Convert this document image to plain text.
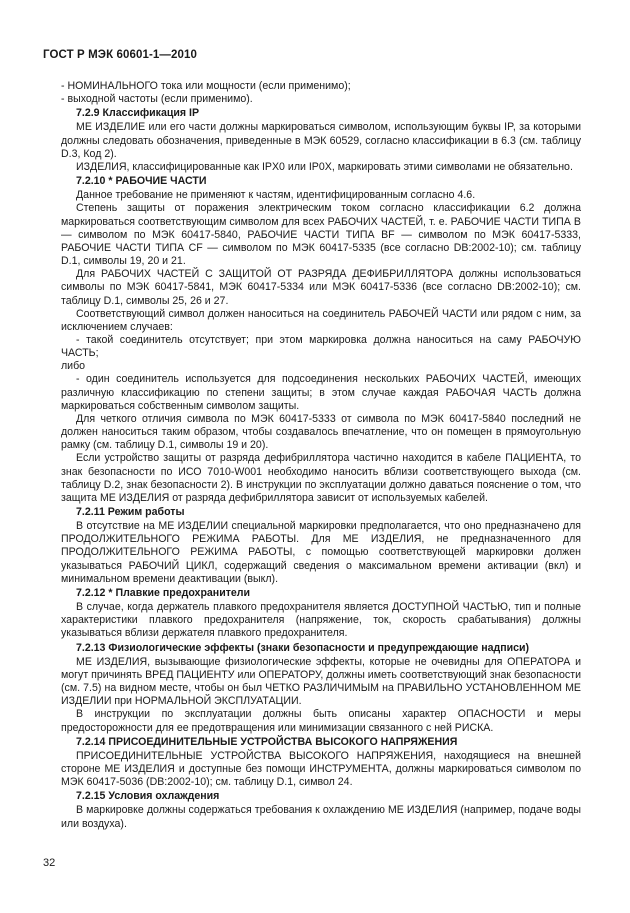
ГОСТ Р МЭК 60601-1—2010

- НОМИНАЛЬНОГО тока или мощности (если применимо);

- выходной частоты (если применимо).

7.2.9 Классификация IP

МЕ ИЗДЕЛИЕ или его части должны маркироваться символом, использующим буквы IP, за которыми должны следовать обозначения, приведенные в МЭК 60529, согласно классификации в 6.3 (см. таблицу D.3, Код 2).

ИЗДЕЛИЯ, классифицированные как IPX0 или IP0X, маркировать этими символами не обязательно.

7.2.10 * РАБОЧИЕ ЧАСТИ

Данное требование не применяют к частям, идентифицированным согласно 4.6.

Степень защиты от поражения электрическим током согласно классификации 6.2 должна маркироваться соответствующим символом для всех РАБОЧИХ ЧАСТЕЙ, т. е. РАБОЧИЕ ЧАСТИ ТИПА В — символом по МЭК 60417-5840, РАБОЧИЕ ЧАСТИ ТИПА BF — символом по МЭК 60417-5333, РАБОЧИЕ ЧАСТИ ТИПА CF — символом по МЭК 60417-5335 (все согласно DB:2002-10); см. таблицу D.1, символы 19, 20 и 21.

Для РАБОЧИХ ЧАСТЕЙ С ЗАЩИТОЙ ОТ РАЗРЯДА ДЕФИБРИЛЛЯТОРА должны использоваться символы по МЭК 60417-5841, МЭК 60417-5334 или МЭК 60417-5336 (все согласно DB:2002-10); см. таблицу D.1, символы 25, 26 и 27.

Соответствующий символ должен наноситься на соединитель РАБОЧЕЙ ЧАСТИ или рядом с ним, за исключением случаев:

- такой соединитель отсутствует; при этом маркировка должна наноситься на саму РАБОЧУЮ ЧАСТЬ;

либо

- один соединитель используется для подсоединения нескольких РАБОЧИХ ЧАСТЕЙ, имеющих различную классификацию по степени защиты; в этом случае каждая РАБОЧАЯ ЧАСТЬ должна маркироваться собственным символом защиты.

Для четкого отличия символа по МЭК 60417-5333 от символа по МЭК 60417-5840 последний не должен наноситься таким образом, чтобы создавалось впечатление, что он помещен в прямоугольную рамку (см. таблицу D.1, символы 19 и 20).

Если устройство защиты от разряда дефибриллятора частично находится в кабеле ПАЦИЕНТА, то знак безопасности по ИСО 7010-W001 необходимо наносить вблизи соответствующего выхода (см. таблицу D.2, знак безопасности 2). В инструкции по эксплуатации должно даваться пояснение о том, что защита МЕ ИЗДЕЛИЯ от разряда дефибриллятора зависит от используемых кабелей.

7.2.11 Режим работы

В отсутствие на МЕ ИЗДЕЛИИ специальной маркировки предполагается, что оно предназначено для ПРОДОЛЖИТЕЛЬНОГО РЕЖИМА РАБОТЫ. Для МЕ ИЗДЕЛИЯ, не предназначенного для ПРОДОЛЖИТЕЛЬНОГО РЕЖИМА РАБОТЫ, с помощью соответствующей маркировки должен указываться РАБОЧИЙ ЦИКЛ, содержащий сведения о максимальном времени активации (вкл) и минимальном времени деактивации (выкл).

7.2.12 * Плавкие предохранители

В случае, когда держатель плавкого предохранителя является ДОСТУПНОЙ ЧАСТЬЮ, тип и полные характеристики плавкого предохранителя (напряжение, ток, скорость срабатывания) должны указываться вблизи держателя плавкого предохранителя.

7.2.13 Физиологические эффекты (знаки безопасности и предупреждающие надписи)

МЕ ИЗДЕЛИЯ, вызывающие физиологические эффекты, которые не очевидны для ОПЕРАТОРА и могут причинять ВРЕД ПАЦИЕНТУ или ОПЕРАТОРУ, должны иметь соответствующий знак безопасности (см. 7.5) на видном месте, чтобы он был ЧЕТКО РАЗЛИЧИМЫМ на ПРАВИЛЬНО УСТАНОВЛЕННОМ МЕ ИЗДЕЛИИ при НОРМАЛЬНОЙ ЭКСПЛУАТАЦИИ.

В инструкции по эксплуатации должны быть описаны характер ОПАСНОСТИ и меры предосторожности для ее предотвращения или минимизации связанного с ней РИСКА.

7.2.14 ПРИСОЕДИНИТЕЛЬНЫЕ УСТРОЙСТВА ВЫСОКОГО НАПРЯЖЕНИЯ

ПРИСОЕДИНИТЕЛЬНЫЕ УСТРОЙСТВА ВЫСОКОГО НАПРЯЖЕНИЯ, находящиеся на внешней стороне МЕ ИЗДЕЛИЯ и доступные без помощи ИНСТРУМЕНТА, должны маркироваться символом по МЭК 60417-5036 (DB:2002-10); см. таблицу D.1, символ 24.

7.2.15 Условия охлаждения

В маркировке должны содержаться требования к охлаждению МЕ ИЗДЕЛИЯ (например, подаче воды или воздуха).

32
